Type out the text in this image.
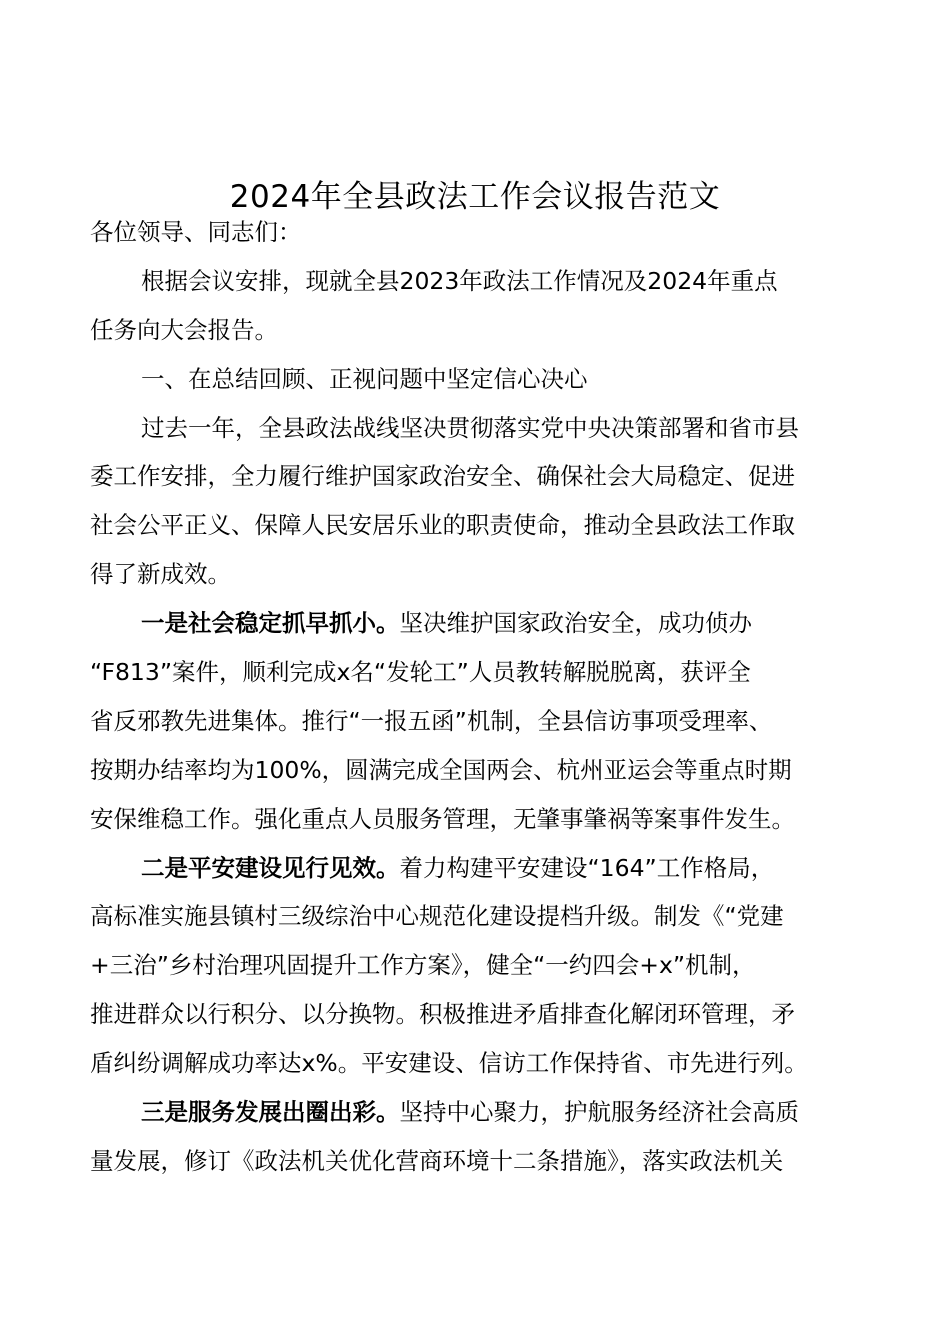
2024年全县政法工作会议报告范文
各位领导、同志们：
根据会议安排，现就全县2023年政法工作情况及2024年重点
任务向大会报告。
一、在总结回顾、正视问题中坚定信心决心
过去一年，全县政法战线坚决贯彻落实党中央决策部署和省市县
委工作安排，全力履行维护国家政治安全、确保社会大局稳定、促进
社会公平正义、保障人民安居乐业的职责使命，推动全县政法工作取
得了新成效。
一是社会稳定抓早抓小。坚决维护国家政治安全，成功侦办
“F813”案件，顺利完成x名“发轮工”人员教转解脱脱离，获评全
省反邪教先进集体。推行“一报五函”机制，全县信访事项受理率、
按期办结率均为100%，圆满完成全国两会、杭州亚运会等重点时期
安保维稳工作。强化重点人员服务管理，无肇事肇祸等案事件发生。
二是平安建设见行见效。着力构建平安建设“164”工作格局，
高标准实施县镇村三级综治中心规范化建设提档升级。制发《“党建
+三治”乡村治理巩固提升工作方案》，健全“一约四会+x”机制，
推进群众以行积分、以分换物。积极推进矛盾排查化解闭环管理，矛
盾纠纷调解成功率达x%。平安建设、信访工作保持省、市先进行列。
三是服务发展出圈出彩。坚持中心聚力，护航服务经济社会高质
量发展，修订《政法机关优化营商环境十二条措施》，落实政法机关
